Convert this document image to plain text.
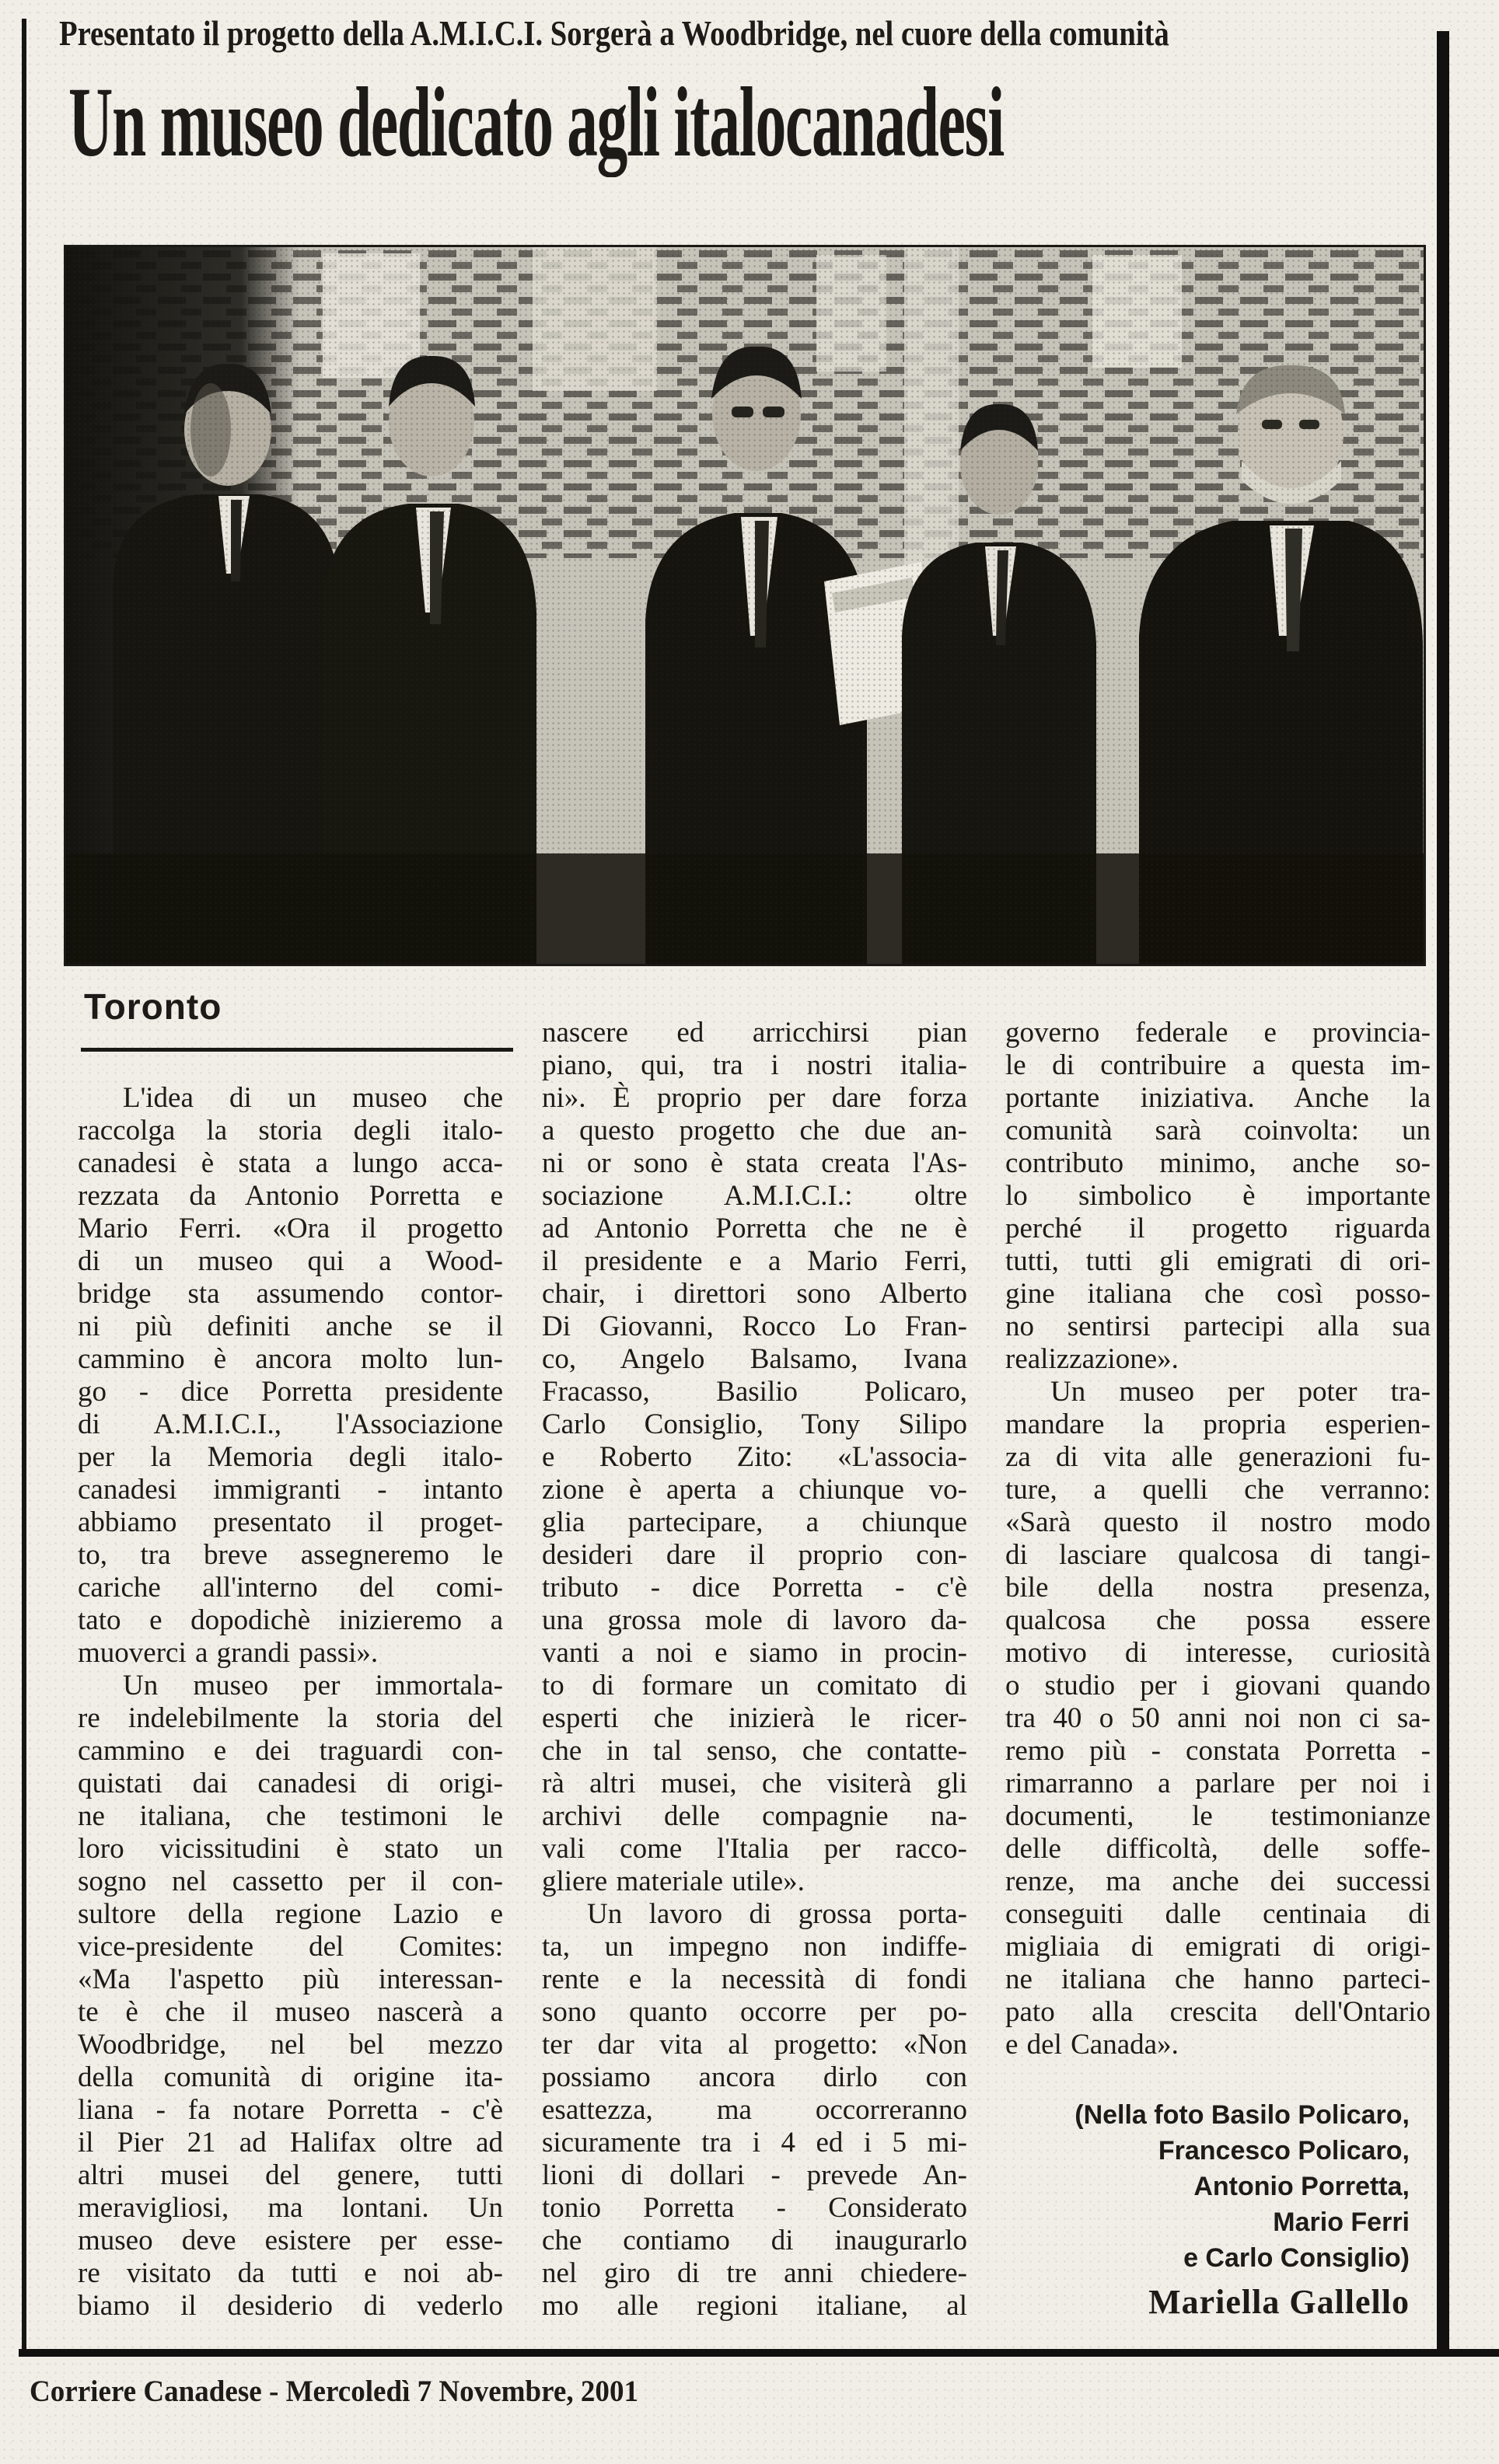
Presentato il progetto della A.M.I.C.I. Sorgerà a Woodbridge, nel cuore della comunità
Un museo dedicato agli italocanadesi
Toronto
L'idea di un museo che
raccolga la storia degli italo-
canadesi è stata a lungo acca-
rezzata da Antonio Porretta e
Mario Ferri. «Ora il progetto
di un museo qui a Wood-
bridge sta assumendo contor-
ni più definiti anche se il
cammino è ancora molto lun-
go - dice Porretta presidente
di A.M.I.C.I., l'Associazione
per la Memoria degli italo-
canadesi immigranti - intanto
abbiamo presentato il proget-
to, tra breve assegneremo le
cariche all'interno del comi-
tato e dopodichè inizieremo a
muoverci a grandi passi».
Un museo per immortala-
re indelebilmente la storia del
cammino e dei traguardi con-
quistati dai canadesi di origi-
ne italiana, che testimoni le
loro vicissitudini è stato un
sogno nel cassetto per il con-
sultore della regione Lazio e
vice-presidente del Comites:
«Ma l'aspetto più interessan-
te è che il museo nascerà a
Woodbridge, nel bel mezzo
della comunità di origine ita-
liana - fa notare Porretta - c'è
il Pier 21 ad Halifax oltre ad
altri musei del genere, tutti
meravigliosi, ma lontani. Un
museo deve esistere per esse-
re visitato da tutti e noi ab-
biamo il desiderio di vederlo
nascere ed arricchirsi pian
piano, qui, tra i nostri italia-
ni». È proprio per dare forza
a questo progetto che due an-
ni or sono è stata creata l'As-
sociazione A.M.I.C.I.: oltre
ad Antonio Porretta che ne è
il presidente e a Mario Ferri,
chair, i direttori sono Alberto
Di Giovanni, Rocco Lo Fran-
co, Angelo Balsamo, Ivana
Fracasso, Basilio Policaro,
Carlo Consiglio, Tony Silipo
e Roberto Zito: «L'associa-
zione è aperta a chiunque vo-
glia partecipare, a chiunque
desideri dare il proprio con-
tributo - dice Porretta - c'è
una grossa mole di lavoro da-
vanti a noi e siamo in procin-
to di formare un comitato di
esperti che inizierà le ricer-
che in tal senso, che contatte-
rà altri musei, che visiterà gli
archivi delle compagnie na-
vali come l'Italia per racco-
gliere materiale utile».
Un lavoro di grossa porta-
ta, un impegno non indiffe-
rente e la necessità di fondi
sono quanto occorre per po-
ter dar vita al progetto: «Non
possiamo ancora dirlo con
esattezza, ma occorreranno
sicuramente tra i 4 ed i 5 mi-
lioni di dollari - prevede An-
tonio Porretta - Considerato
che contiamo di inaugurarlo
nel giro di tre anni chiedere-
mo alle regioni italiane, al
governo federale e provincia-
le di contribuire a questa im-
portante iniziativa. Anche la
comunità sarà coinvolta: un
contributo minimo, anche so-
lo simbolico è importante
perché il progetto riguarda
tutti, tutti gli emigrati di ori-
gine italiana che così posso-
no sentirsi partecipi alla sua
realizzazione».
Un museo per poter tra-
mandare la propria esperien-
za di vita alle generazioni fu-
ture, a quelli che verranno:
«Sarà questo il nostro modo
di lasciare qualcosa di tangi-
bile della nostra presenza,
qualcosa che possa essere
motivo di interesse, curiosità
o studio per i giovani quando
tra 40 o 50 anni noi non ci sa-
remo più - constata Porretta -
rimarranno a parlare per noi i
documenti, le testimonianze
delle difficoltà, delle soffe-
renze, ma anche dei successi
conseguiti dalle centinaia di
migliaia di emigrati di origi-
ne italiana che hanno parteci-
pato alla crescita dell'Ontario
e del Canada».
(Nella foto Basilo Policaro,
Francesco Policaro,
Antonio Porretta,
Mario Ferri
e Carlo Consiglio)
Mariella Gallello
Corriere Canadese - Mercoledì 7 Novembre, 2001
